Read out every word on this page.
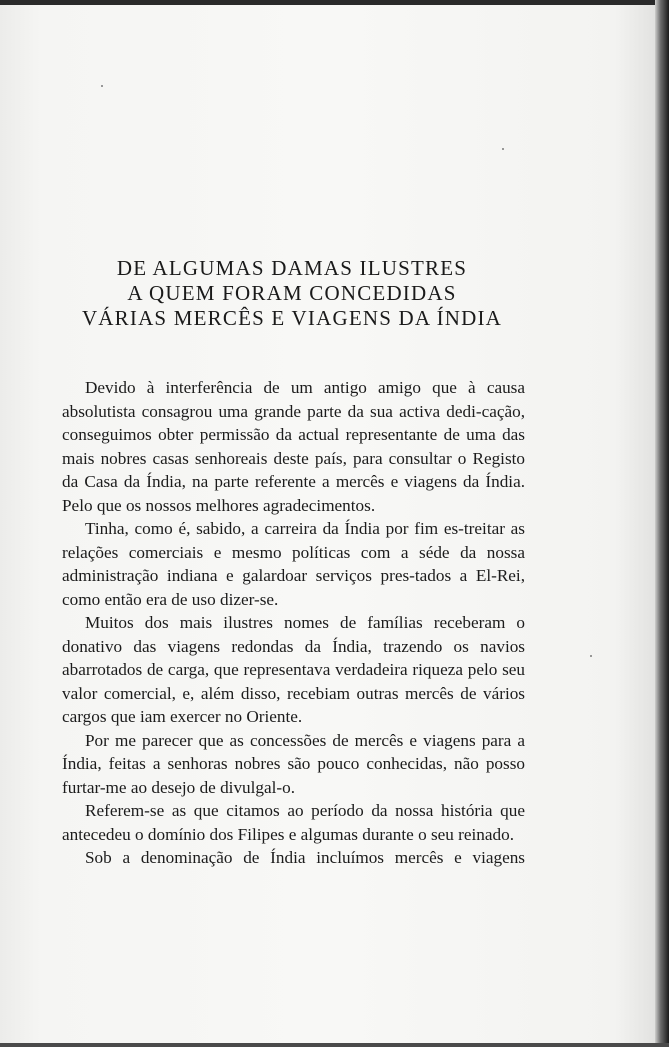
DE ALGUMAS DAMAS ILUSTRES
A QUEM FORAM CONCEDIDAS
VÁRIAS MERCÊS E VIAGENS DA ÍNDIA

Devido à interferência de um antigo amigo que à causa absolutista consagrou uma grande parte da sua activa dedi-cação, conseguimos obter permissão da actual representante de uma das mais nobres casas senhoreais deste país, para consultar o Registo da Casa da Índia, na parte referente a mercês e viagens da Índia. Pelo que os nossos melhores agradecimentos.

Tinha, como é, sabido, a carreira da Índia por fim es-treitar as relações comerciais e mesmo políticas com a séde da nossa administração indiana e galardoar serviços pres-tados a El-Rei, como então era de uso dizer-se.

Muitos dos mais ilustres nomes de famílias receberam o donativo das viagens redondas da Índia, trazendo os navios abarrotados de carga, que representava verdadeira riqueza pelo seu valor comercial, e, além disso, recebiam outras mercês de vários cargos que iam exercer no Oriente.

Por me parecer que as concessões de mercês e viagens para a Índia, feitas a senhoras nobres são pouco conhecidas, não posso furtar-me ao desejo de divulgal-o.

Referem-se as que citamos ao período da nossa história que antecedeu o domínio dos Filipes e algumas durante o seu reinado.

Sob a denominação de Índia incluímos mercês e viagens
